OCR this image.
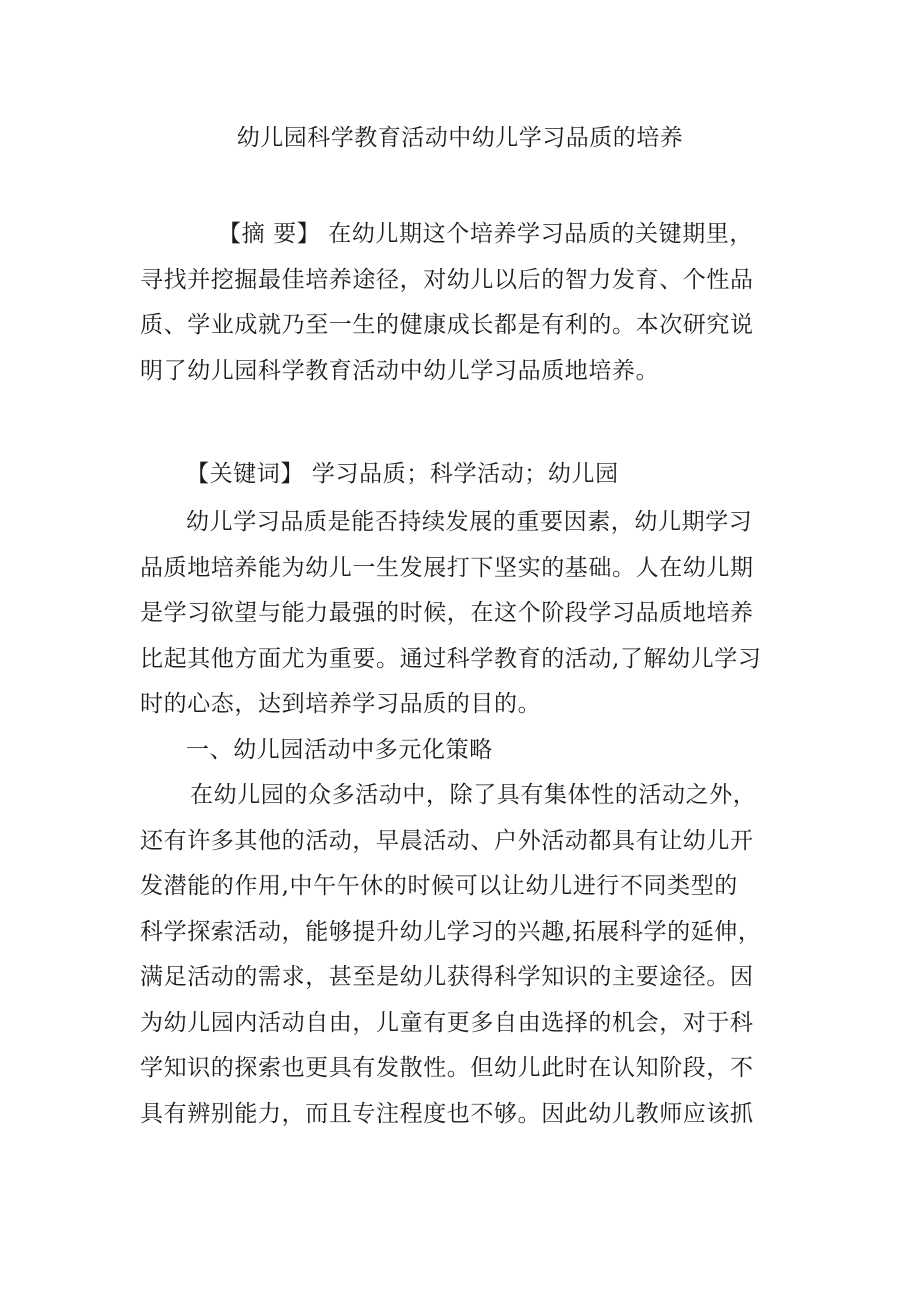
幼儿园科学教育活动中幼儿学习品质的培养
【摘 要】 在幼儿期这个培养学习品质的关键期里，
寻找并挖掘最佳培养途径，对幼儿以后的智力发育、个性品
质、学业成就乃至一生的健康成长都是有利的。本次研究说
明了幼儿园科学教育活动中幼儿学习品质地培养。
【关键词】 学习品质；科学活动；幼儿园
幼儿学习品质是能否持续发展的重要因素，幼儿期学习
品质地培养能为幼儿一生发展打下坚实的基础。人在幼儿期
是学习欲望与能力最强的时候，在这个阶段学习品质地培养
比起其他方面尤为重要。通过科学教育的活动,了解幼儿学习
时的心态，达到培养学习品质的目的。
一、幼儿园活动中多元化策略
在幼儿园的众多活动中，除了具有集体性的活动之外，
还有许多其他的活动，早晨活动、户外活动都具有让幼儿开
发潜能的作用,中午午休的时候可以让幼儿进行不同类型的
科学探索活动，能够提升幼儿学习的兴趣,拓展科学的延伸，
满足活动的需求，甚至是幼儿获得科学知识的主要途径。因
为幼儿园内活动自由，儿童有更多自由选择的机会，对于科
学知识的探索也更具有发散性。但幼儿此时在认知阶段，不
具有辨别能力，而且专注程度也不够。因此幼儿教师应该抓
